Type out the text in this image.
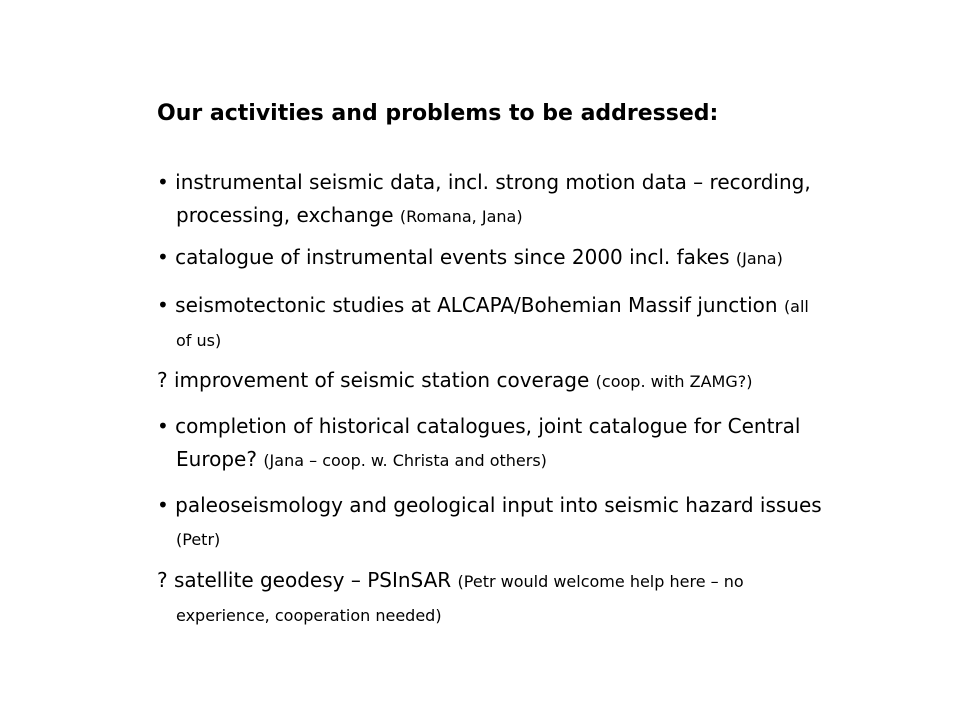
Our activities and problems to be addressed:
• instrumental seismic data, incl. strong motion data – recording,
processing, exchange (Romana, Jana)
• catalogue of instrumental events since 2000 incl. fakes (Jana)
• seismotectonic studies at ALCAPA/Bohemian Massif junction (all
of us)
? improvement of seismic station coverage (coop. with ZAMG?)
• completion of historical catalogues, joint catalogue for Central
Europe? (Jana – coop. w. Christa and others)
• paleoseismology and geological input into seismic hazard issues
(Petr)
? satellite geodesy – PSInSAR (Petr would welcome help here – no
experience, cooperation needed)
